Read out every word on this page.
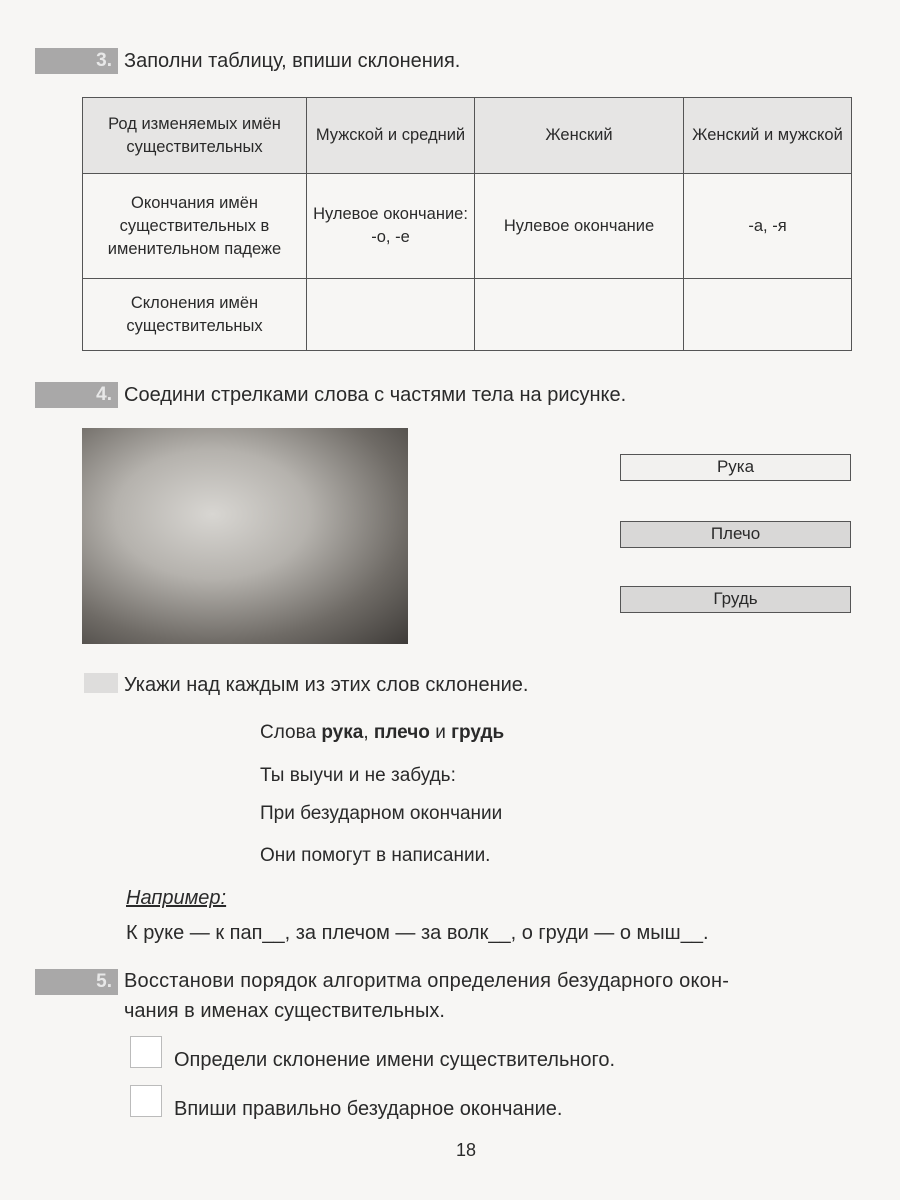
3. Заполни таблицу, впиши склонения.
Род изменяемых имён существительных	Мужской и средний	Женский	Женский и мужской
Окончания имён существительных в именительном падеже	Нулевое окончание: -о, -е	Нулевое окончание	-а, -я
Склонения имён существительных			
4. Соедини стрелками слова с частями тела на рисунке.
Рука
Плечо
Грудь
Укажи над каждым из этих слов склонение.
Слова рука, плечо и грудь
Ты выучи и не забудь:
При безударном окончании
Они помогут в написании.
Например:
К руке — к пап__, за плечом — за волк__, о груди — о мыш__.
5. Восстанови порядок алгоритма определения безударного окон-
чания в именах существительных.
Определи склонение имени существительного.
Впиши правильно безударное окончание.
18
